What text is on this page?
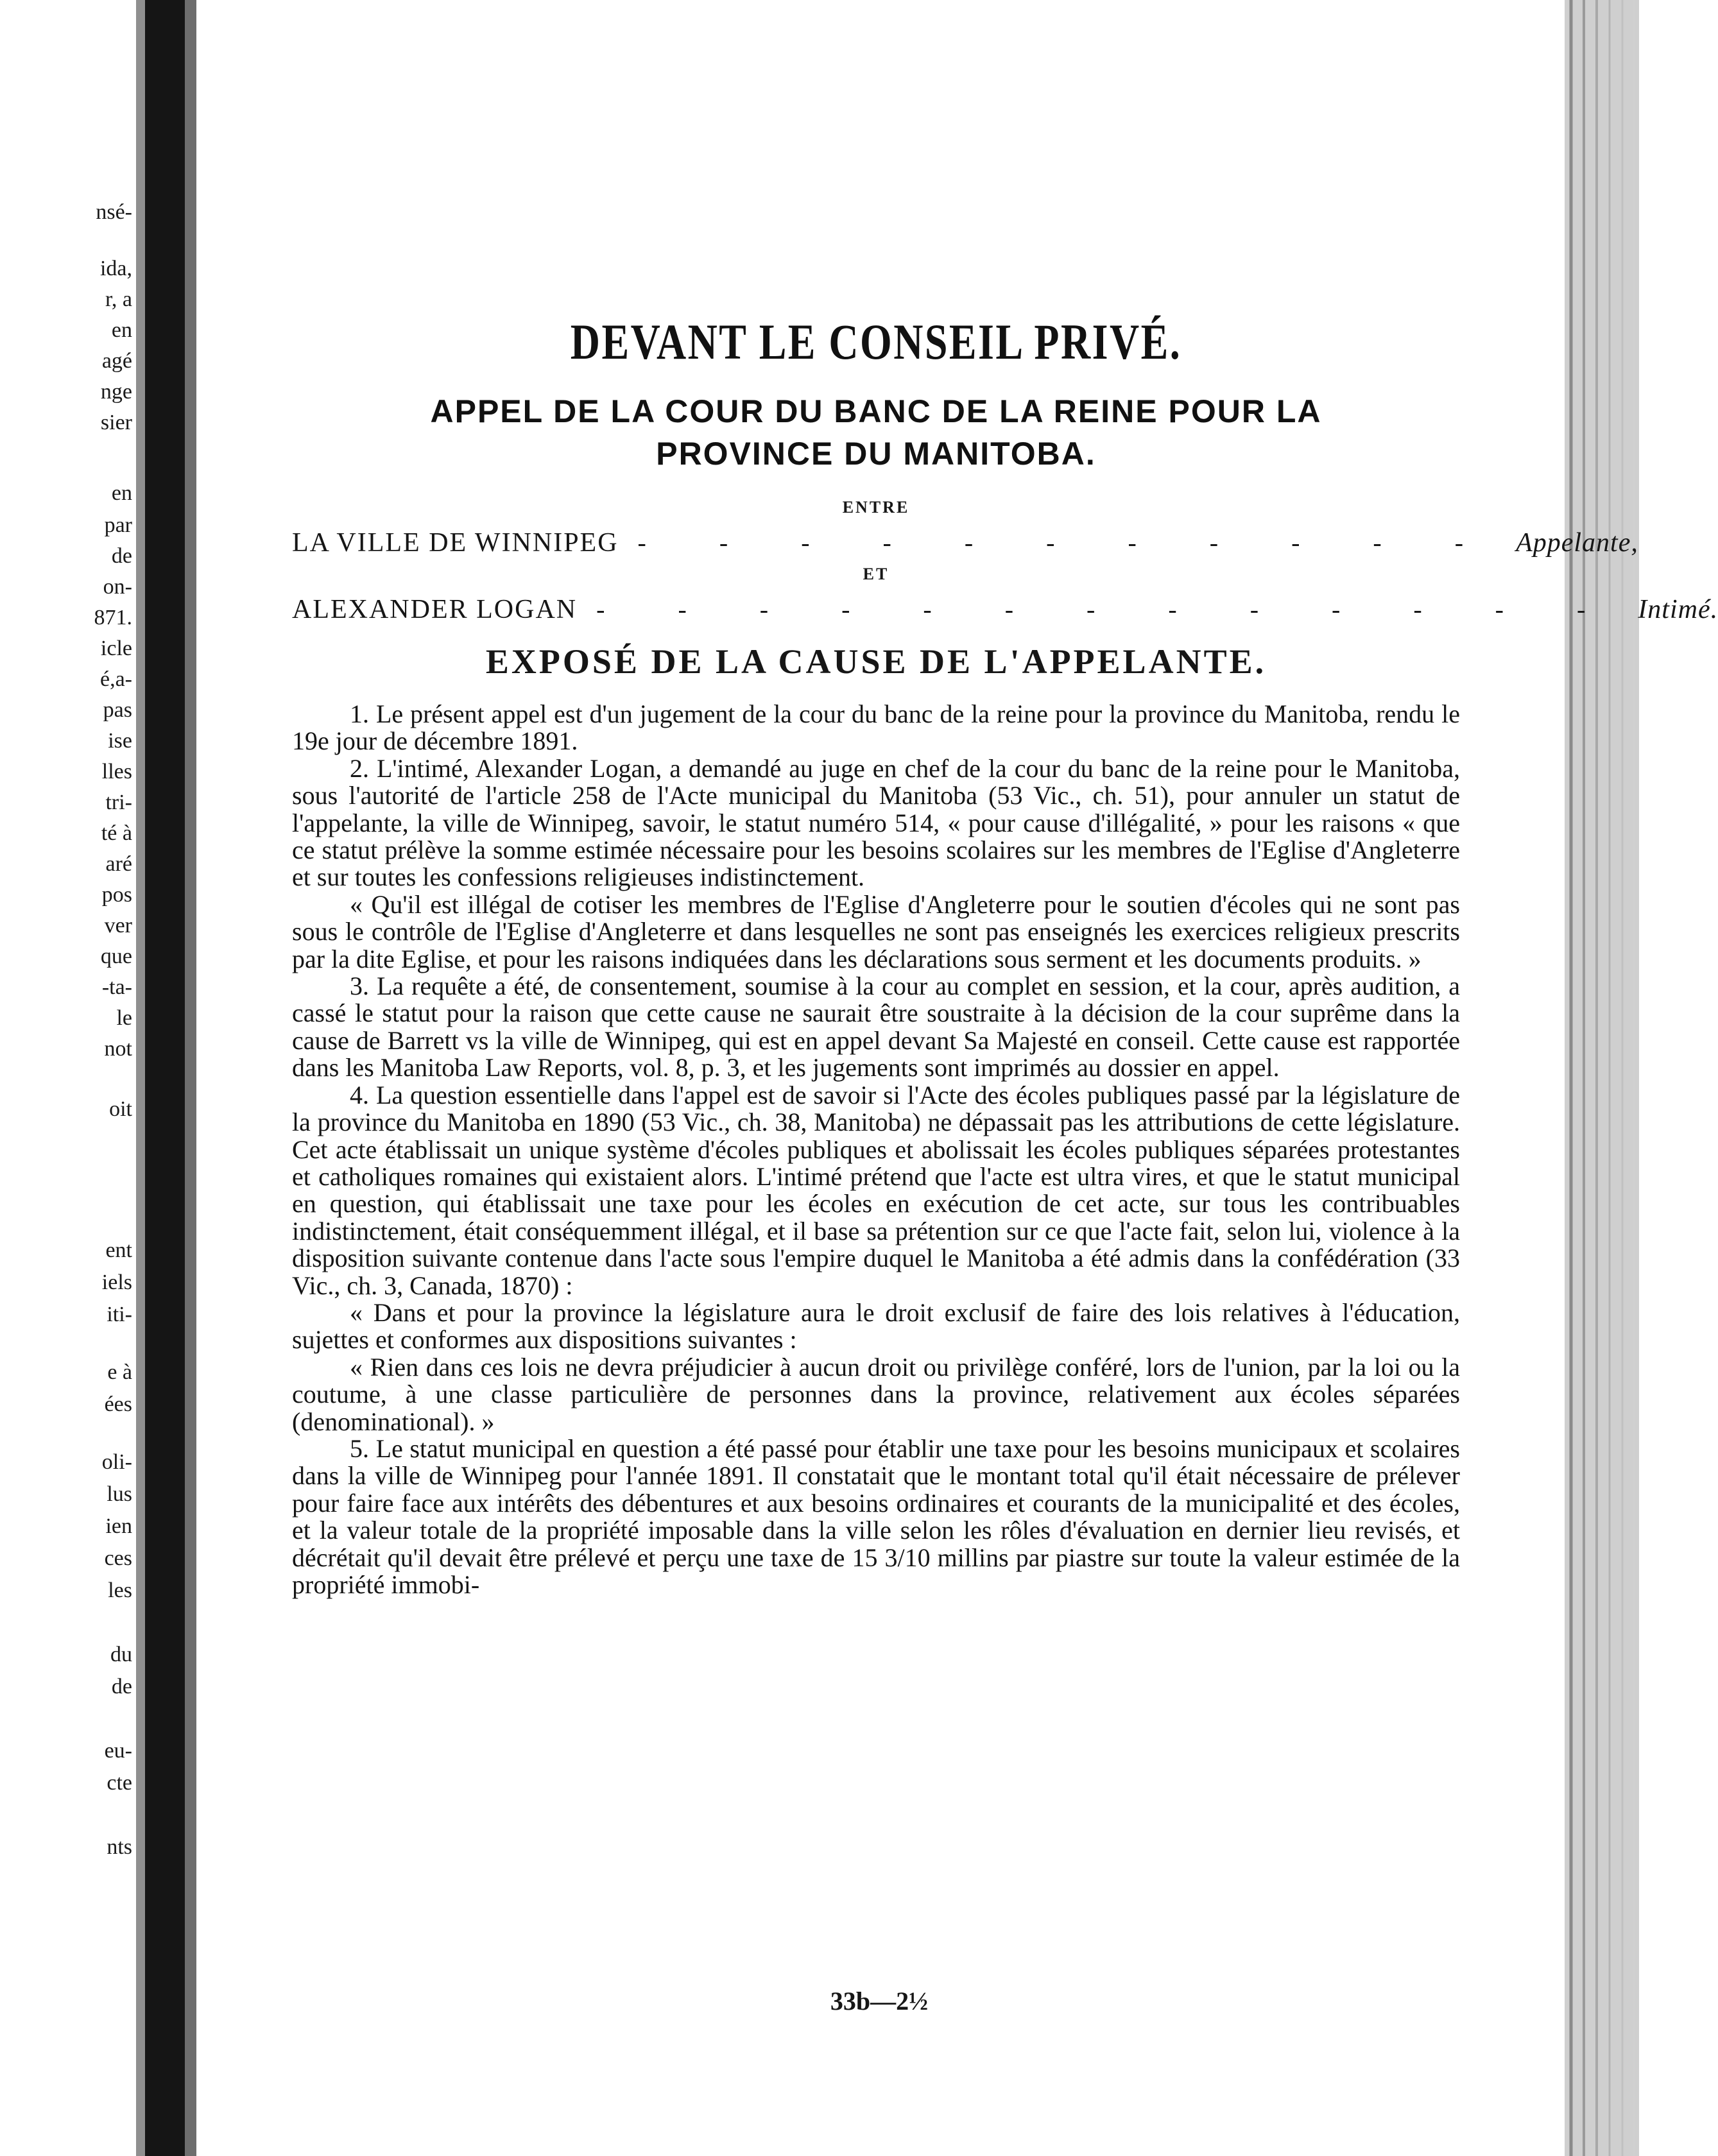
nsé-
ida,
r, a
en
agé
nge
sier
en
par
de
on-
871.
icle
é,a-
pas
ise
lles
tri-
té à
aré
pos
ver
que
-ta-
le
not
oit
ent
iels
iti-
e à
ées
oli-
lus
ien
ces
les
du
de
eu-
cte
nts
DEVANT LE CONSEIL PRIVÉ.
APPEL DE LA COUR DU BANC DE LA REINE POUR LA
PROVINCE DU MANITOBA.
ENTRE
LA VILLE DE WINNIPEG - - - - - - - - - - - Appelante,
ET
ALEXANDER LOGAN - - - - - - - - - - - - - Intimé.
EXPOSÉ DE LA CAUSE DE L'APPELANTE.

1. Le présent appel est d'un jugement de la cour du banc de la reine pour la province du Manitoba, rendu le 19e jour de décembre 1891.

2. L'intimé, Alexander Logan, a demandé au juge en chef de la cour du banc de la reine pour le Manitoba, sous l'autorité de l'article 258 de l'Acte municipal du Manitoba (53 Vic., ch. 51), pour annuler un statut de l'appelante, la ville de Winnipeg, savoir, le statut numéro 514, « pour cause d'illégalité, » pour les raisons « que ce statut prélève la somme estimée nécessaire pour les besoins scolaires sur les membres de l'Eglise d'Angleterre et sur toutes les confessions religieuses indistinctement.

« Qu'il est illégal de cotiser les membres de l'Eglise d'Angleterre pour le soutien d'écoles qui ne sont pas sous le contrôle de l'Eglise d'Angleterre et dans lesquelles ne sont pas enseignés les exercices religieux prescrits par la dite Eglise, et pour les raisons indiquées dans les déclarations sous serment et les documents produits. »

3. La requête a été, de consentement, soumise à la cour au complet en session, et la cour, après audition, a cassé le statut pour la raison que cette cause ne saurait être soustraite à la décision de la cour suprême dans la cause de Barrett vs la ville de Winnipeg, qui est en appel devant Sa Majesté en conseil. Cette cause est rapportée dans les Manitoba Law Reports, vol. 8, p. 3, et les jugements sont imprimés au dossier en appel.

4. La question essentielle dans l'appel est de savoir si l'Acte des écoles publiques passé par la législature de la province du Manitoba en 1890 (53 Vic., ch. 38, Manitoba) ne dépassait pas les attributions de cette législature. Cet acte établissait un unique système d'écoles publiques et abolissait les écoles publiques séparées protestantes et catholiques romaines qui existaient alors. L'intimé prétend que l'acte est ultra vires, et que le statut municipal en question, qui établissait une taxe pour les écoles en exécution de cet acte, sur tous les contribuables indistinctement, était conséquemment illégal, et il base sa prétention sur ce que l'acte fait, selon lui, violence à la disposition suivante contenue dans l'acte sous l'empire duquel le Manitoba a été admis dans la confédération (33 Vic., ch. 3, Canada, 1870) :

« Dans et pour la province la législature aura le droit exclusif de faire des lois relatives à l'éducation, sujettes et conformes aux dispositions suivantes :

« Rien dans ces lois ne devra préjudicier à aucun droit ou privilège conféré, lors de l'union, par la loi ou la coutume, à une classe particulière de personnes dans la province, relativement aux écoles séparées (denominational). »

5. Le statut municipal en question a été passé pour établir une taxe pour les besoins municipaux et scolaires dans la ville de Winnipeg pour l'année 1891. Il constatait que le montant total qu'il était nécessaire de prélever pour faire face aux intérêts des débentures et aux besoins ordinaires et courants de la municipalité et des écoles, et la valeur totale de la propriété imposable dans la ville selon les rôles d'évaluation en dernier lieu revisés, et décrétait qu'il devait être prélevé et perçu une taxe de 15 3/10 millins par piastre sur toute la valeur estimée de la propriété immobi-

33b—2½
